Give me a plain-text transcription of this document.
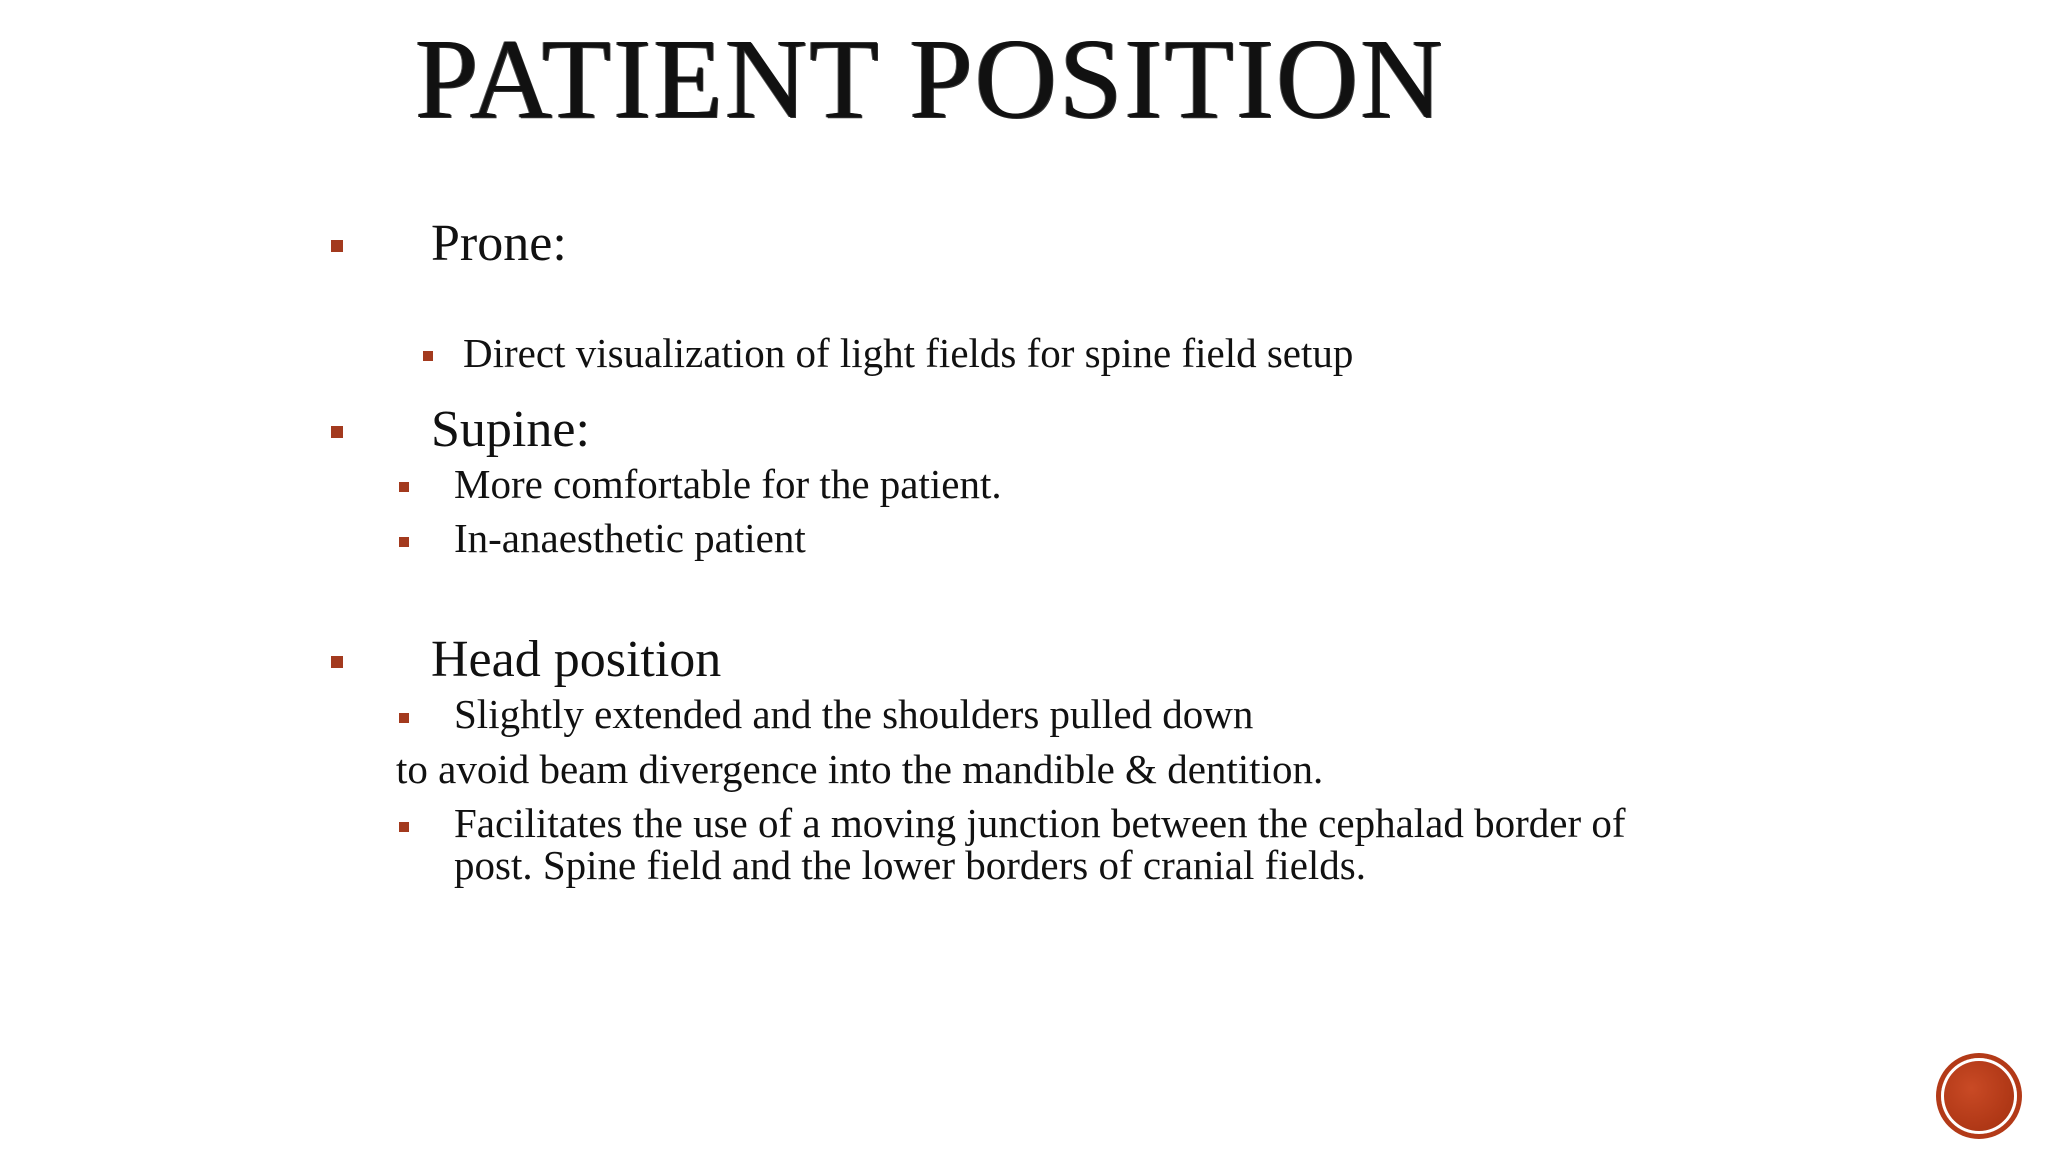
PATIENT POSITION
Prone:
Direct visualization of light fields for spine field setup
Supine:
More comfortable for the patient.
In-anaesthetic patient
Head position
Slightly extended and the shoulders pulled down
to avoid beam divergence into the mandible & dentition.
Facilitates the use of a moving junction between the cephalad border of post. Spine field and the lower borders of cranial fields.
